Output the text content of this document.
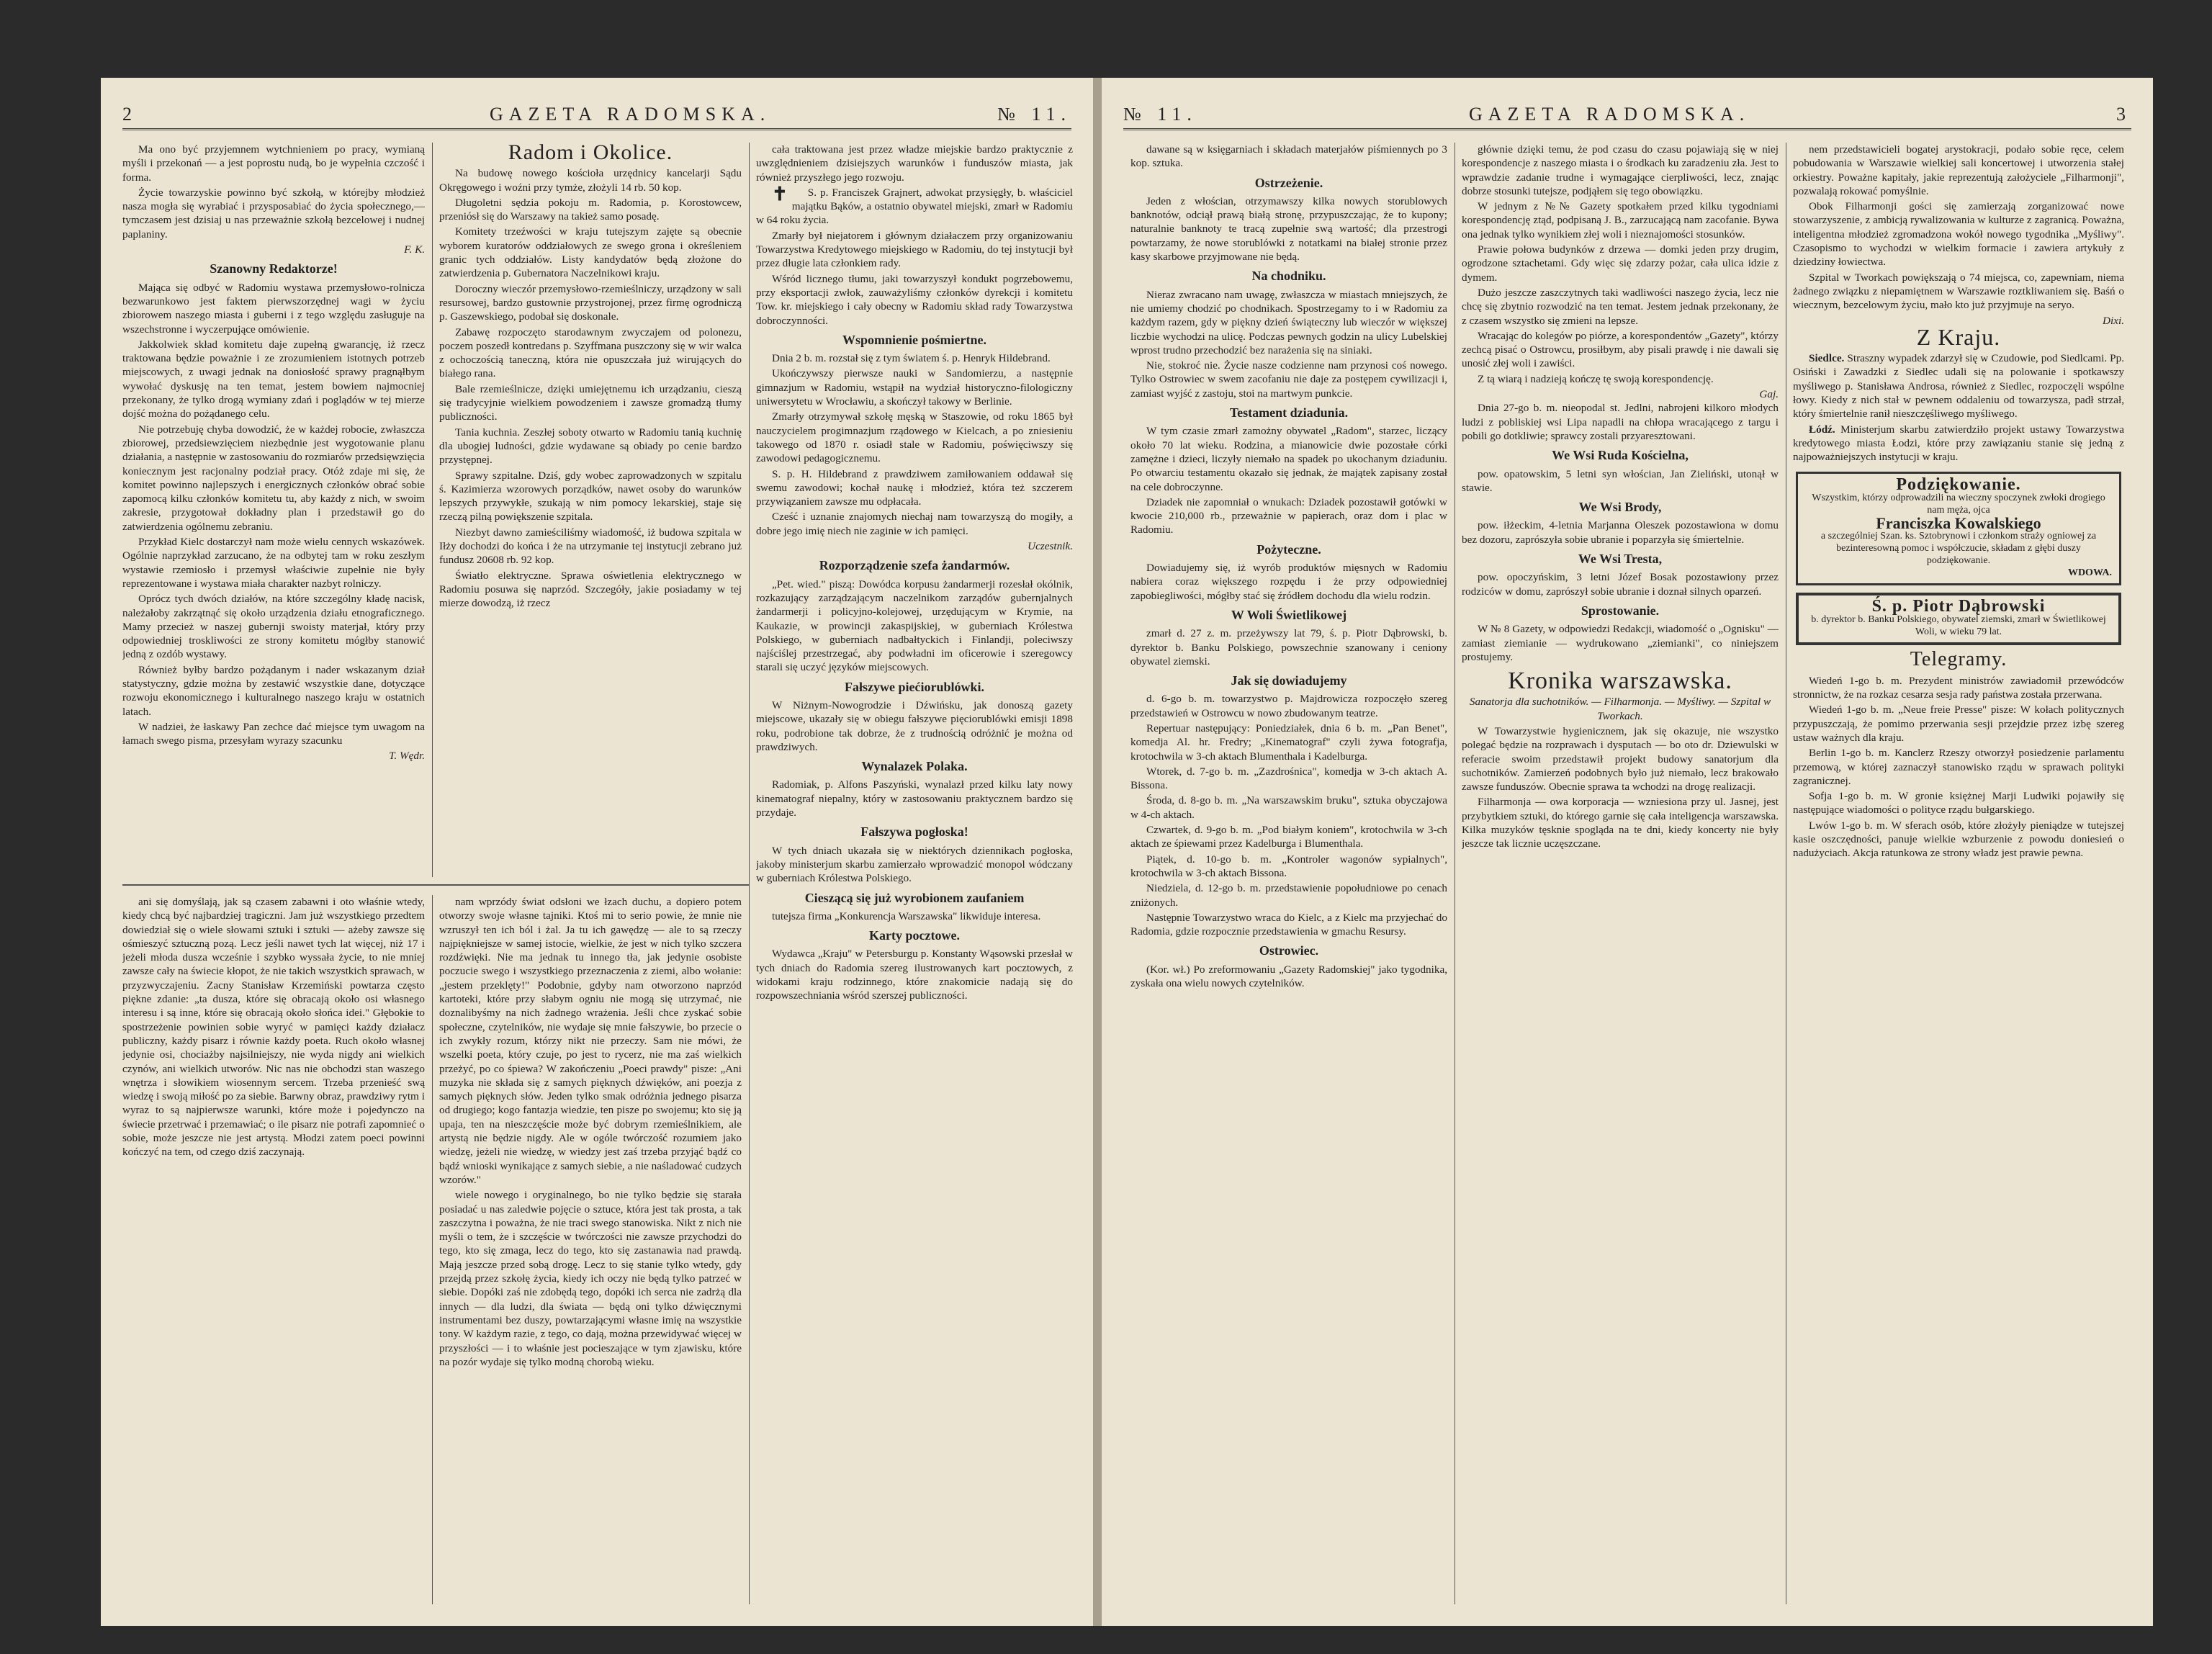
2	GAZETA RADOMSKA.	№ 11.

Ma ono być przyjemnem wytchnieniem po pracy, wymianą myśli i przekonań — a jest poprostu nudą, bo je wypełnia czczość i forma.

Życie towarzyskie powinno być szkołą, w którejby młodzież nasza mogła się wyrabiać i przysposabiać do życia społecznego,—tymczasem jest dzisiaj u nas przeważnie szkołą bezcelowej i nudnej paplaniny.

F. K.
Szanowny Redaktorze!

Mająca się odbyć w Radomiu wystawa przemysłowo-rolnicza bezwarunkowo jest faktem pierwszorzędnej wagi w życiu zbiorowem naszego miasta i guberni i z tego względu zasługuje na wszechstronne i wyczerpujące omówienie.

Jakkolwiek skład komitetu daje zupełną gwarancję, iż rzecz traktowana będzie poważnie i ze zrozumieniem istotnych potrzeb miejscowych, z uwagi jednak na doniosłość sprawy pragnąłbym wywołać dyskusję na ten temat, jestem bowiem najmocniej przekonany, że tylko drogą wymiany zdań i poglądów w tej mierze dojść można do pożądanego celu.

Nie potrzebuję chyba dowodzić, że w każdej robocie, zwłaszcza zbiorowej, przedsiewzięciem niezbędnie jest wygotowanie planu działania, a następnie w zastosowaniu do rozmiarów przedsięwzięcia koniecznym jest racjonalny podział pracy. Otóż zdaje mi się, że komitet powinno najlepszych i energicznych członków obrać sobie zapomocą kilku członków komitetu tu, aby każdy z nich, w swoim zakresie, przygotował dokładny plan i przedstawił go do zatwierdzenia ogólnemu zebraniu.

Przykład Kielc dostarczył nam może wielu cennych wskazówek. Ogólnie naprzykład zarzucano, że na odbytej tam w roku zeszłym wystawie rzemiosło i przemysł właściwie zupełnie nie były reprezentowane i wystawa miała charakter nazbyt rolniczy.

Oprócz tych dwóch działów, na które szczególny kładę nacisk, należałoby zakrzątnąć się około urządzenia działu etnograficznego. Mamy przecież w naszej gubernji swoisty materjał, który przy odpowiedniej troskliwości ze strony komitetu mógłby stanowić jedną z ozdób wystawy.

Również byłby bardzo pożądanym i nader wskazanym dział statystyczny, gdzie można by zestawić wszystkie dane, dotyczące rozwoju ekonomicznego i kulturalnego naszego kraju w ostatnich latach.

W nadziei, że łaskawy Pan zechce dać miejsce tym uwagom na łamach swego pisma, przesyłam wyrazy szacunku

T. Wędr.
Radom i Okolice.

Na budowę nowego kościoła urzędnicy kancelarji Sądu Okręgowego i woźni przy tymże, złożyli 14 rb. 50 kop.

Długoletni sędzia pokoju m. Radomia, p. Korostowcew, przeniósł się do Warszawy na takież samo posadę.

Komitety trzeźwości w kraju tutejszym zajęte są obecnie wyborem kuratorów oddziałowych ze swego grona i określeniem granic tych oddziałów. Listy kandydatów będą złożone do zatwierdzenia p. Gubernatora Naczelnikowi kraju.

Doroczny wieczór przemysłowo-rzemieślniczy, urządzony w sali resursowej, bardzo gustownie przystrojonej, przez firmę ogrodniczą p. Gaszewskiego, podobał się doskonale.

Zabawę rozpoczęto starodawnym zwyczajem od polonezu, poczem poszedł kontredans p. Szyffmana puszczony się w wir walca z ochoczością taneczną, która nie opuszczała już wirujących do białego rana.

Bale rzemieślnicze, dzięki umiejętnemu ich urządzaniu, cieszą się tradycyjnie wielkiem powodzeniem i zawsze gromadzą tłumy publiczności.

Tania kuchnia. Zeszłej soboty otwarto w Radomiu tanią kuchnię dla ubogiej ludności, gdzie wydawane są obiady po cenie bardzo przystępnej.

Sprawy szpitalne. Dziś, gdy wobec zaprowadzonych w szpitalu ś. Kazimierza wzorowych porządków, nawet osoby do warunków lepszych przywykłe, szukają w nim pomocy lekarskiej, staje się rzeczą pilną powiększenie szpitala.

Niezbyt dawno zamieściliśmy wiadomość, iż budowa szpitala w Iłży dochodzi do końca i że na utrzymanie tej instytucji zebrano już fundusz 20608 rb. 92 kop.

Światło elektryczne. Sprawa oświetlenia elektrycznego w Radomiu posuwa się naprzód. Szczegóły, jakie posiadamy w tej mierze dowodzą, iż rzecz

cała traktowana jest przez władze miejskie bardzo praktycznie z uwzględnieniem dzisiejszych warunków i funduszów miasta, jak również przyszłego jego rozwoju.

✝ S. p. Franciszek Grajnert, adwokat przysięgły, b. właściciel majątku Bąków, a ostatnio obywatel miejski, zmarł w Radomiu w 64 roku życia.

Zmarły był niejatorem i głównym działaczem przy organizowaniu Towarzystwa Kredytowego miejskiego w Radomiu, do tej instytucji był przez długie lata członkiem rady.

Wśród licznego tłumu, jaki towarzyszył kondukt pogrzebowemu, przy eksportacji zwłok, zauważyliśmy członków dyrekcji i komitetu Tow. kr. miejskiego i cały obecny w Radomiu skład rady Towarzystwa dobroczynności.

Wspomnienie pośmiertne.

Dnia 2 b. m. rozstał się z tym światem ś. p. Henryk Hildebrand.

Ukończywszy pierwsze nauki w Sandomierzu, a następnie gimnazjum w Radomiu, wstąpił na wydział historyczno-filologiczny uniwersytetu w Wrocławiu, a skończył takowy w Berlinie.

Zmarły otrzymywał szkołę męską w Staszowie, od roku 1865 był nauczycielem progimnazjum rządowego w Kielcach, a po zniesieniu takowego od 1870 r. osiadł stale w Radomiu, poświęciwszy się zawodowi pedagogicznemu.

S. p. H. Hildebrand z prawdziwem zamiłowaniem oddawał się swemu zawodowi; kochał naukę i młodzież, która też szczerem przywiązaniem zawsze mu odpłacała.

Cześć i uznanie znajomych niechaj nam towarzyszą do mogiły, a dobre jego imię niech nie zaginie w ich pamięci.

Uczestnik.
Rozporządzenie szefa żandarmów.

„Pet. wied." piszą: Dowódca korpusu żandarmerji rozesłał okólnik, rozkazujący zarządzającym naczelnikom zarządów gubernjalnych żandarmerji i policyjno-kolejowej, urzędującym w Krymie, na Kaukazie, w prowincji zakaspijskiej, w guberniach Królestwa Polskiego, w guberniach nadbałtyckich i Finlandji, poleciwszy najściślej przestrzegać, aby podwładni im oficerowie i szeregowcy starali się uczyć języków miejscowych.

Fałszywe piećiorublówki.

W Niżnym-Nowogrodzie i Dźwińsku, jak donoszą gazety miejscowe, ukazały się w obiegu fałszywe pięciorublówki emisji 1898 roku, podrobione tak dobrze, że z trudnością odróżnić je można od prawdziwych.

Wynalazek Polaka.

Radomiak, p. Alfons Paszyński, wynalazł przed kilku laty nowy kinematograf niepalny, który w zastosowaniu praktycznem bardzo się przydaje.

Fałszywa pogłoska!

W tych dniach ukazała się w niektórych dziennikach pogłoska, jakoby ministerjum skarbu zamierzało wprowadzić monopol wódczany w guberniach Królestwa Polskiego.

Cieszącą się już wyrobionem zaufaniem

tutejsza firma „Konkurencja Warszawska" likwiduje interesa.

Karty pocztowe.

Wydawca „Kraju" w Petersburgu p. Konstanty Wąsowski przesłał w tych dniach do Radomia szereg ilustrowanych kart pocztowych, z widokami kraju rodzinnego, które znakomicie nadają się do rozpowszechniania wśród szerszej publiczności.

ani się domyślają, jak są czasem zabawni i oto właśnie wtedy, kiedy chcą być najbardziej tragiczni. Jam już wszystkiego przedtem dowiedział się o wiele słowami sztuki i sztuki — ażeby zawsze się ośmieszyć sztuczną pozą. Lecz jeśli nawet tych lat więcej, niż 17 i jeżeli młoda dusza wcześnie i szybko wyssała życie, to nie mniej zawsze cały na świecie kłopot, że nie takich wszystkich sprawach, w przyzwyczajeniu. Zacny Stanisław Krzemiński powtarza często piękne zdanie: „ta dusza, które się obracają około osi własnego interesu i są inne, które się obracają około słońca idei." Głębokie to spostrzeżenie powinien sobie wyryć w pamięci każdy działacz publiczny, każdy pisarz i równie każdy poeta. Ruch około własnej jedynie osi, chociażby najsilniejszy, nie wyda nigdy ani wielkich czynów, ani wielkich utworów. Nic nas nie obchodzi stan waszego wnętrza i słowikiem wiosennym sercem. Trzeba przenieść swą wiedzę i swoją miłość po za siebie. Barwny obraz, prawdziwy rytm i wyraz to są najpierwsze warunki, które może i pojedynczo na świecie przetrwać i przemawiać; o ile pisarz nie potrafi zapomnieć o sobie, może jeszcze nie jest artystą. Młodzi zatem poeci powinni kończyć na tem, od czego dziś zaczynają.

nam wprzódy świat odsłoni we łzach duchu, a dopiero potem otworzy swoje własne tajniki. Ktoś mi to serio powie, że mnie nie wzruszył ten ich ból i żal. Ja tu ich gawędzę — ale to są rzeczy najpiękniejsze w samej istocie, wielkie, że jest w nich tylko szczera rozdźwięki. Nie ma jednak tu innego tła, jak jedynie osobiste poczucie swego i wszystkiego przeznaczenia z ziemi, albo wołanie: „jestem przeklęty!" Podobnie, gdyby nam otworzono naprzód kartoteki, które przy słabym ogniu nie mogą się utrzymać, nie doznalibyśmy na nich żadnego wrażenia. Jeśli chce zyskać sobie społeczne, czytelników, nie wydaje się mnie fałszywie, bo przecie o ich zwykły rozum, którzy nikt nie przeczy. Sam nie mówi, że wszelki poeta, który czuje, po jest to rycerz, nie ma zaś wielkich przeżyć, po co śpiewa? W zakończeniu „Poeci prawdy" pisze: „Ani muzyka nie składa się z samych pięknych dźwięków, ani poezja z samych pięknych słów. Jeden tylko smak odróżnia jednego pisarza od drugiego; kogo fantazja wiedzie, ten pisze po swojemu; kto się ją upaja, ten na nieszczęście może być dobrym rzemieślnikiem, ale artystą nie będzie nigdy. Ale w ogóle twórczość rozumiem jako wiedzę, jeżeli nie wiedzę, w wiedzy jest zaś trzeba przyjąć bądź co bądź wnioski wynikające z samych siebie, a nie naśladować cudzych wzorów."

wiele nowego i oryginalnego, bo nie tylko będzie się starała posiadać u nas zaledwie pojęcie o sztuce, która jest tak prosta, a tak zaszczytna i poważna, że nie traci swego stanowiska. Nikt z nich nie myśli o tem, że i szczęście w twórczości nie zawsze przychodzi do tego, kto się zmaga, lecz do tego, kto się zastanawia nad prawdą. Mają jeszcze przed sobą drogę. Lecz to się stanie tylko wtedy, gdy przejdą przez szkołę życia, kiedy ich oczy nie będą tylko patrzeć w siebie. Dopóki zaś nie zdobędą tego, dopóki ich serca nie zadrżą dla innych — dla ludzi, dla świata — będą oni tylko dźwięcznymi instrumentami bez duszy, powtarzającymi własne imię na wszystkie tony. W każdym razie, z tego, co dają, można przewidywać więcej w przyszłości — i to właśnie jest pocieszające w tym zjawisku, które na pozór wydaje się tylko modną chorobą wieku.

№ 11.	GAZETA RADOMSKA.	3

dawane są w księgarniach i składach materjałów piśmiennych po 3 kop. sztuka.

Ostrzeżenie.

Jeden z włościan, otrzymawszy kilka nowych storublowych banknotów, odciął prawą białą stronę, przypuszczając, że to kupony; naturalnie banknoty te tracą zupełnie swą wartość; dla przestrogi powtarzamy, że nowe storublówki z notatkami na białej stronie przez kasy skarbowe przyjmowane nie będą.

Na chodniku.

Nieraz zwracano nam uwagę, zwłaszcza w miastach mniejszych, że nie umiemy chodzić po chodnikach. Spostrzegamy to i w Radomiu za każdym razem, gdy w piękny dzień świąteczny lub wieczór w większej liczbie wychodzi na ulicę. Podczas pewnych godzin na ulicy Lubelskiej wprost trudno przechodzić bez narażenia się na siniaki.

Nie, stokroć nie. Życie nasze codzienne nam przynosi coś nowego. Tylko Ostrowiec w swem zacofaniu nie daje za postępem cywilizacji i, zamiast wyjść z zastoju, stoi na martwym punkcie.

Testament dziadunia.

W tym czasie zmarł zamożny obywatel „Radom", starzec, liczący około 70 lat wieku. Rodzina, a mianowicie dwie pozostałe córki zamężne i dzieci, liczyły niemało na spadek po ukochanym dziaduniu. Po otwarciu testamentu okazało się jednak, że majątek zapisany został na cele dobroczynne.

Dziadek nie zapomniał o wnukach: Dziadek pozostawił gotówki w kwocie 210,000 rb., przeważnie w papierach, oraz dom i plac w Radomiu.

Pożyteczne.

Dowiadujemy się, iż wyrób produktów mięsnych w Radomiu nabiera coraz większego rozpędu i że przy odpowiedniej zapobiegliwości, mógłby stać się źródłem dochodu dla wielu rodzin.

W Woli Świetlikowej

zmarł d. 27 z. m. przeżywszy lat 79, ś. p. Piotr Dąbrowski, b. dyrektor b. Banku Polskiego, powszechnie szanowany i ceniony obywatel ziemski.

Jak się dowiadujemy

d. 6-go b. m. towarzystwo p. Majdrowicza rozpoczęło szereg przedstawień w Ostrowcu w nowo zbudowanym teatrze.

Repertuar następujący: Poniedziałek, dnia 6 b. m. „Pan Benet", komedja Al. hr. Fredry; „Kinematograf" czyli żywa fotografja, krotochwila w 3-ch aktach Blumenthala i Kadelburga.

Wtorek, d. 7-go b. m. „Zazdrośnica", komedja w 3-ch aktach A. Bissona.

Środa, d. 8-go b. m. „Na warszawskim bruku", sztuka obyczajowa w 4-ch aktach.

Czwartek, d. 9-go b. m. „Pod białym koniem", krotochwila w 3-ch aktach ze śpiewami przez Kadelburga i Blumenthala.

Piątek, d. 10-go b. m. „Kontroler wagonów sypialnych", krotochwila w 3-ch aktach Bissona.

Niedziela, d. 12-go b. m. przedstawienie popołudniowe po cenach zniżonych.

Następnie Towarzystwo wraca do Kielc, a z Kielc ma przyjechać do Radomia, gdzie rozpocznie przedstawienia w gmachu Resursy.

Ostrowiec.

(Kor. wł.) Po zreformowaniu „Gazety Radomskiej" jako tygodnika, zyskała ona wielu nowych czytelników.

głównie dzięki temu, że pod czasu do czasu pojawiają się w niej korespondencje z naszego miasta i o środkach ku zaradzeniu zła. Jest to wprawdzie zadanie trudne i wymagające cierpliwości, lecz, znając dobrze stosunki tutejsze, podjąłem się tego obowiązku.

W jednym z №№ Gazety spotkałem przed kilku tygodniami korespondencję ztąd, podpisaną J. B., zarzucającą nam zacofanie. Bywa ona jednak tylko wynikiem złej woli i nieznajomości stosunków.

Prawie połowa budynków z drzewa — domki jeden przy drugim, ogrodzone sztachetami. Gdy więc się zdarzy pożar, cała ulica idzie z dymem.

Dużo jeszcze zaszczytnych taki wadliwości naszego życia, lecz nie chcę się zbytnio rozwodzić na ten temat. Jestem jednak przekonany, że z czasem wszystko się zmieni na lepsze.

Wracając do kolegów po piórze, a korespondentów „Gazety", którzy zechcą pisać o Ostrowcu, prosiłbym, aby pisali prawdę i nie dawali się unosić złej woli i zawiści.

Z tą wiarą i nadzieją kończę tę swoją korespondencję.

Gaj.

Dnia 27-go b. m. nieopodal st. Jedlni, nabrojeni kilkoro młodych ludzi z pobliskiej wsi Lipa napadli na chłopa wracającego z targu i pobili go dotkliwie; sprawcy zostali przyaresztowani.

We Wsi Ruda Kościelna,

pow. opatowskim, 5 letni syn włościan, Jan Zieliński, utonął w stawie.

We Wsi Brody,

pow. iłżeckim, 4-letnia Marjanna Oleszek pozostawiona w domu bez dozoru, zaprószyła sobie ubranie i poparzyła się śmiertelnie.

We Wsi Tresta,

pow. opoczyńskim, 3 letni Józef Bosak pozostawiony przez rodziców w domu, zaprószył sobie ubranie i doznał silnych oparzeń.

Sprostowanie.

W № 8 Gazety, w odpowiedzi Redakcji, wiadomość o „Ognisku" — zamiast ziemianie — wydrukowano „ziemianki", co niniejszem prostujemy.

Kronika warszawska.

Sanatorja dla suchotników. — Filharmonja. — Myśliwy. — Szpital w Tworkach.

W Towarzystwie hygienicznem, jak się okazuje, nie wszystko polegać będzie na rozprawach i dysputach — bo oto dr. Dziewulski w referacie swoim przedstawił projekt budowy sanatorjum dla suchotników. Zamierzeń podobnych było już niemało, lecz brakowało zawsze funduszów. Obecnie sprawa ta wchodzi na drogę realizacji.

Filharmonja — owa korporacja — wzniesiona przy ul. Jasnej, jest przybytkiem sztuki, do którego garnie się cała inteligencja warszawska. Kilka muzyków tęsknie spogląda na te dni, kiedy koncerty nie były jeszcze tak licznie uczęszczane.

nem przedstawicieli bogatej arystokracji, podało sobie ręce, celem pobudowania w Warszawie wielkiej sali koncertowej i utworzenia stałej orkiestry. Poważne kapitały, jakie reprezentują założyciele „Filharmonji", pozwalają rokować pomyślnie.

Obok Filharmonji gości się zamierzają zorganizować nowe stowarzyszenie, z ambicją rywalizowania w kulturze z zagranicą. Poważna, inteligentna młodzież zgromadzona wokół nowego tygodnika „Myśliwy". Czasopismo to wychodzi w wielkim formacie i zawiera artykuły z dziedziny łowiectwa.

Szpital w Tworkach powiększają o 74 miejsca, co, zapewniam, niema żadnego związku z niepamiętnem w Warszawie roztkliwaniem się. Baśń o wiecznym, bezcelowym życiu, mało kto już przyjmuje na seryo.

Dixi.
Z Kraju.

Siedlce. Straszny wypadek zdarzył się w Czudowie, pod Siedlcami. Pp. Osiński i Zawadzki z Siedlec udali się na polowanie i spotkawszy myśliwego p. Stanisława Androsa, również z Siedlec, rozpoczęli wspólne łowy. Kiedy z nich stał w pewnem oddaleniu od towarzysza, padł strzał, który śmiertelnie ranił nieszczęśliwego myśliwego.

Łódź. Ministerjum skarbu zatwierdziło projekt ustawy Towarzystwa kredytowego miasta Łodzi, które przy zawiązaniu stanie się jedną z najpoważniejszych instytucji w kraju.

Podziękowanie.
Wszystkim, którzy odprowadzili na wieczny spoczynek zwłoki drogiego nam męża, ojca
Franciszka Kowalskiego
a szczególniej Szan. ks. Sztobrynowi i członkom straży ogniowej za bezinteresowną pomoc i współczucie, składam z głębi duszy podziękowanie.
WDOWA.
Ś. p. Piotr Dąbrowski
b. dyrektor b. Banku Polskiego, obywatel ziemski, zmarł w Świetlikowej Woli, w wieku 79 lat.
Telegramy.

Wiedeń 1-go b. m. Prezydent ministrów zawiadomił przewódców stronnictw, że na rozkaz cesarza sesja rady państwa została przerwana.

Wiedeń 1-go b. m. „Neue freie Presse" pisze: W kołach politycznych przypuszczają, że pomimo przerwania sesji przejdzie przez izbę szereg ustaw ważnych dla kraju.

Berlin 1-go b. m. Kanclerz Rzeszy otworzył posiedzenie parlamentu przemową, w której zaznaczył stanowisko rządu w sprawach polityki zagranicznej.

Sofja 1-go b. m. W gronie księżnej Marji Ludwiki pojawiły się następujące wiadomości o polityce rządu bułgarskiego.

Lwów 1-go b. m. W sferach osób, które złożyły pieniądze w tutejszej kasie oszczędności, panuje wielkie wzburzenie z powodu doniesień o nadużyciach. Akcja ratunkowa ze strony władz jest prawie pewna.
